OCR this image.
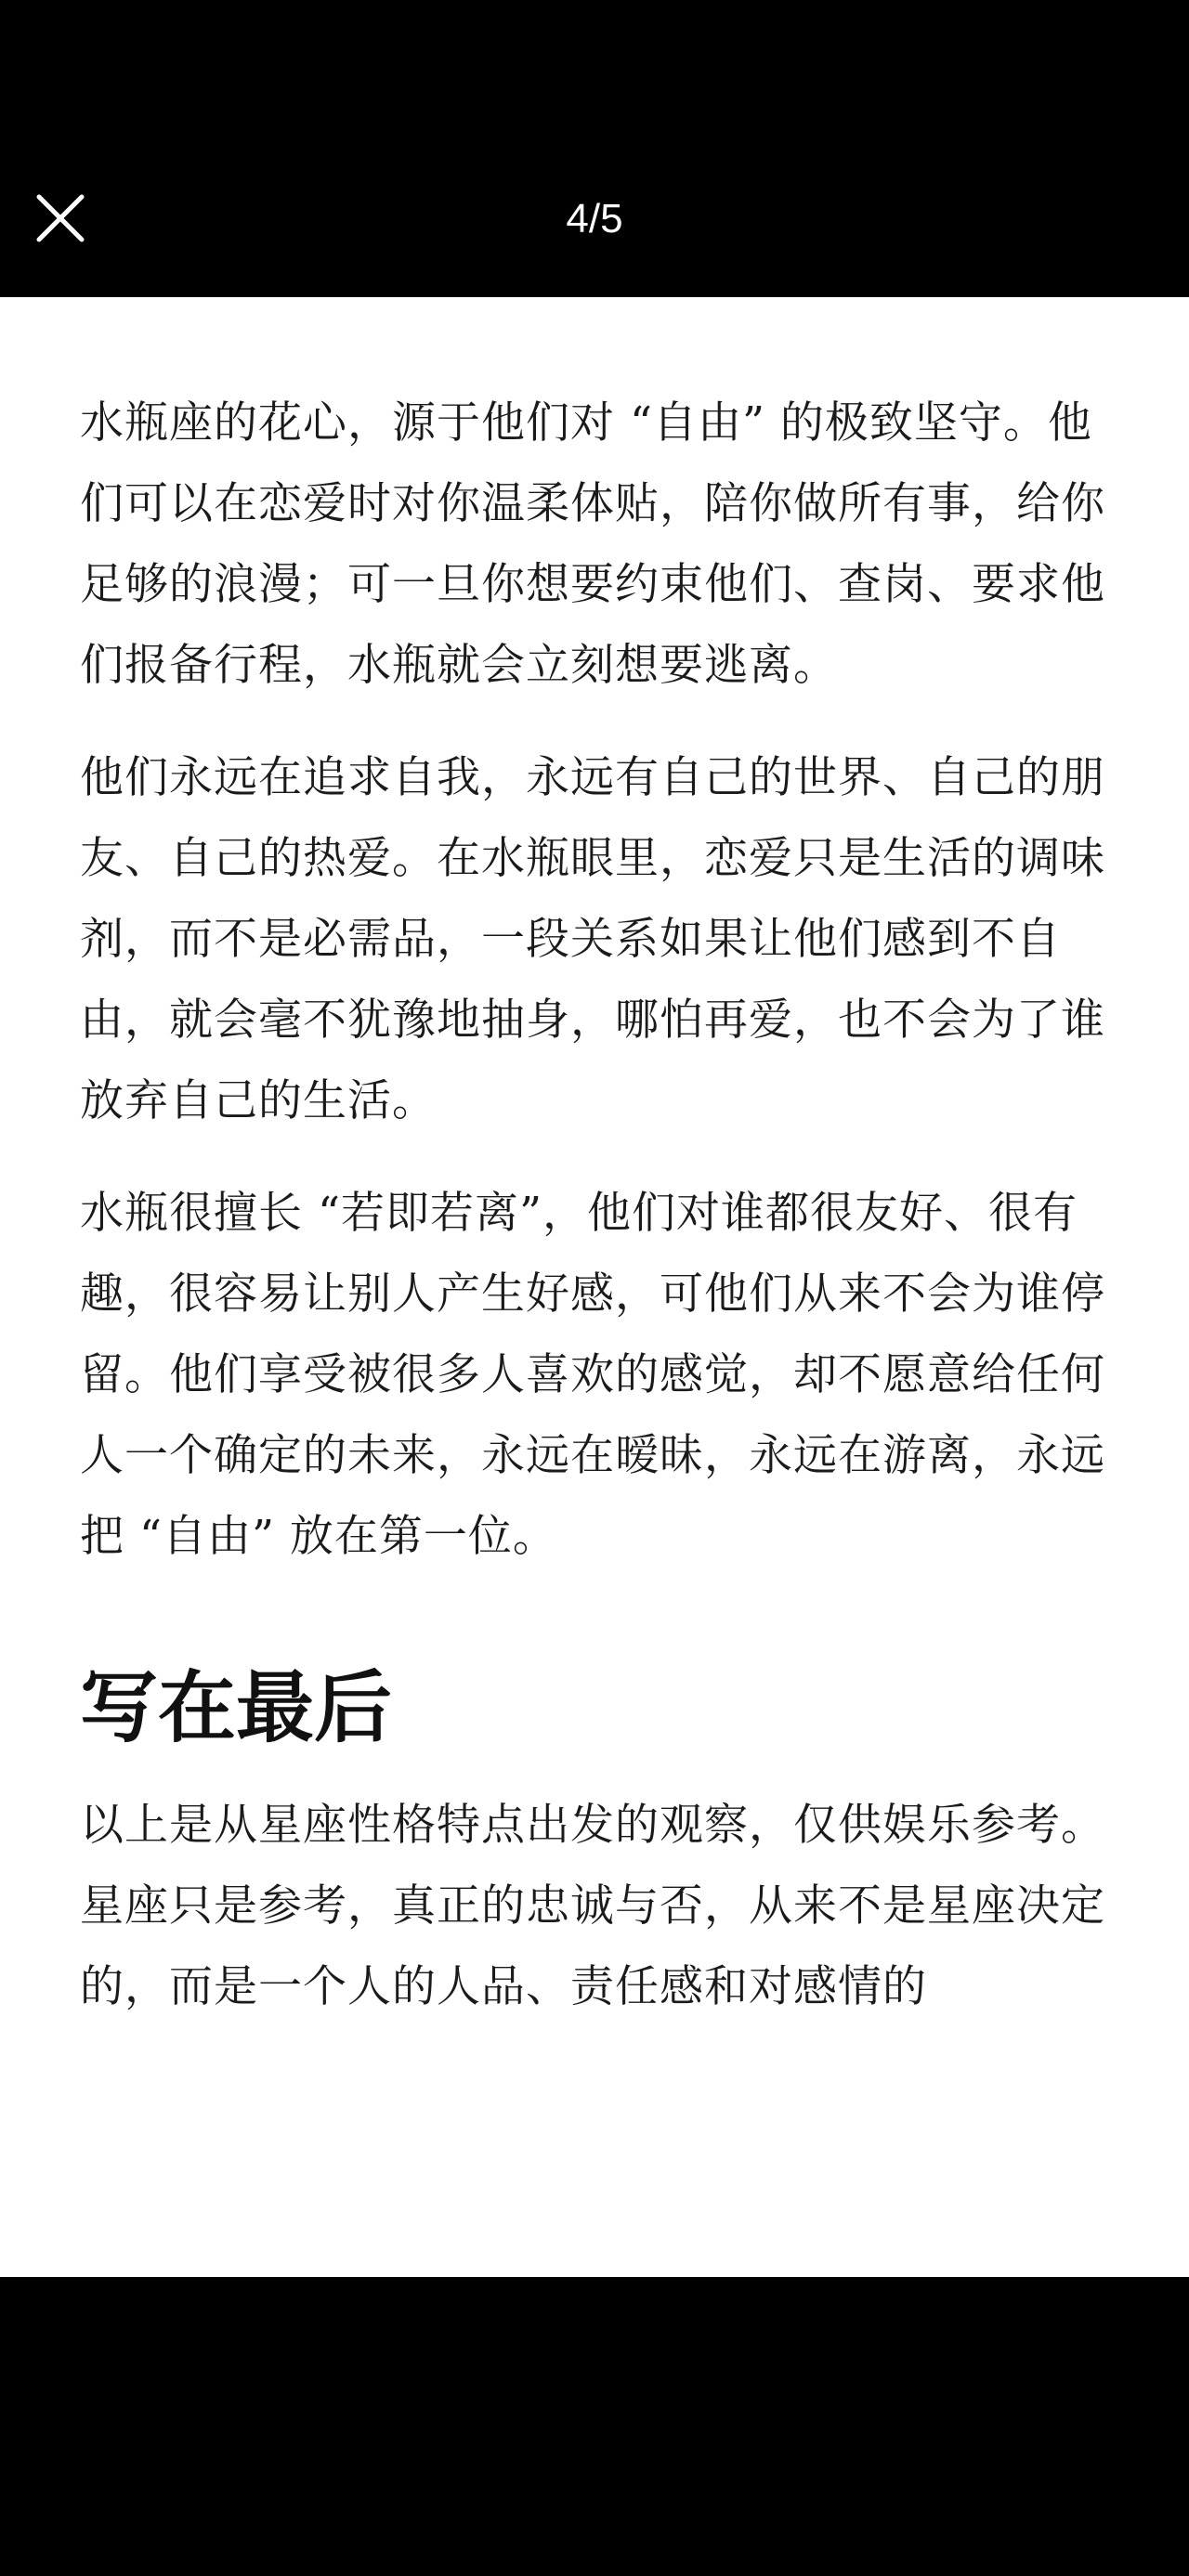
4/5

水瓶座的花心，源于他们对 “自由” 的极致坚守。他们可以在恋爱时对你温柔体贴，陪你做所有事，给你足够的浪漫；可一旦你想要约束他们、查岗、要求他们报备行程，水瓶就会立刻想要逃离。

他们永远在追求自我，永远有自己的世界、自己的朋友、自己的热爱。在水瓶眼里，恋爱只是生活的调味剂，而不是必需品，一段关系如果让他们感到不自由，就会毫不犹豫地抽身，哪怕再爱，也不会为了谁放弃自己的生活。

水瓶很擅长 “若即若离”，他们对谁都很友好、很有趣，很容易让别人产生好感，可他们从来不会为谁停留。他们享受被很多人喜欢的感觉，却不愿意给任何人一个确定的未来，永远在暧昧，永远在游离，永远把 “自由” 放在第一位。

写在最后

以上是从星座性格特点出发的观察，仅供娱乐参考。星座只是参考，真正的忠诚与否，从来不是星座决定的，而是一个人的人品、责任感和对感情的
